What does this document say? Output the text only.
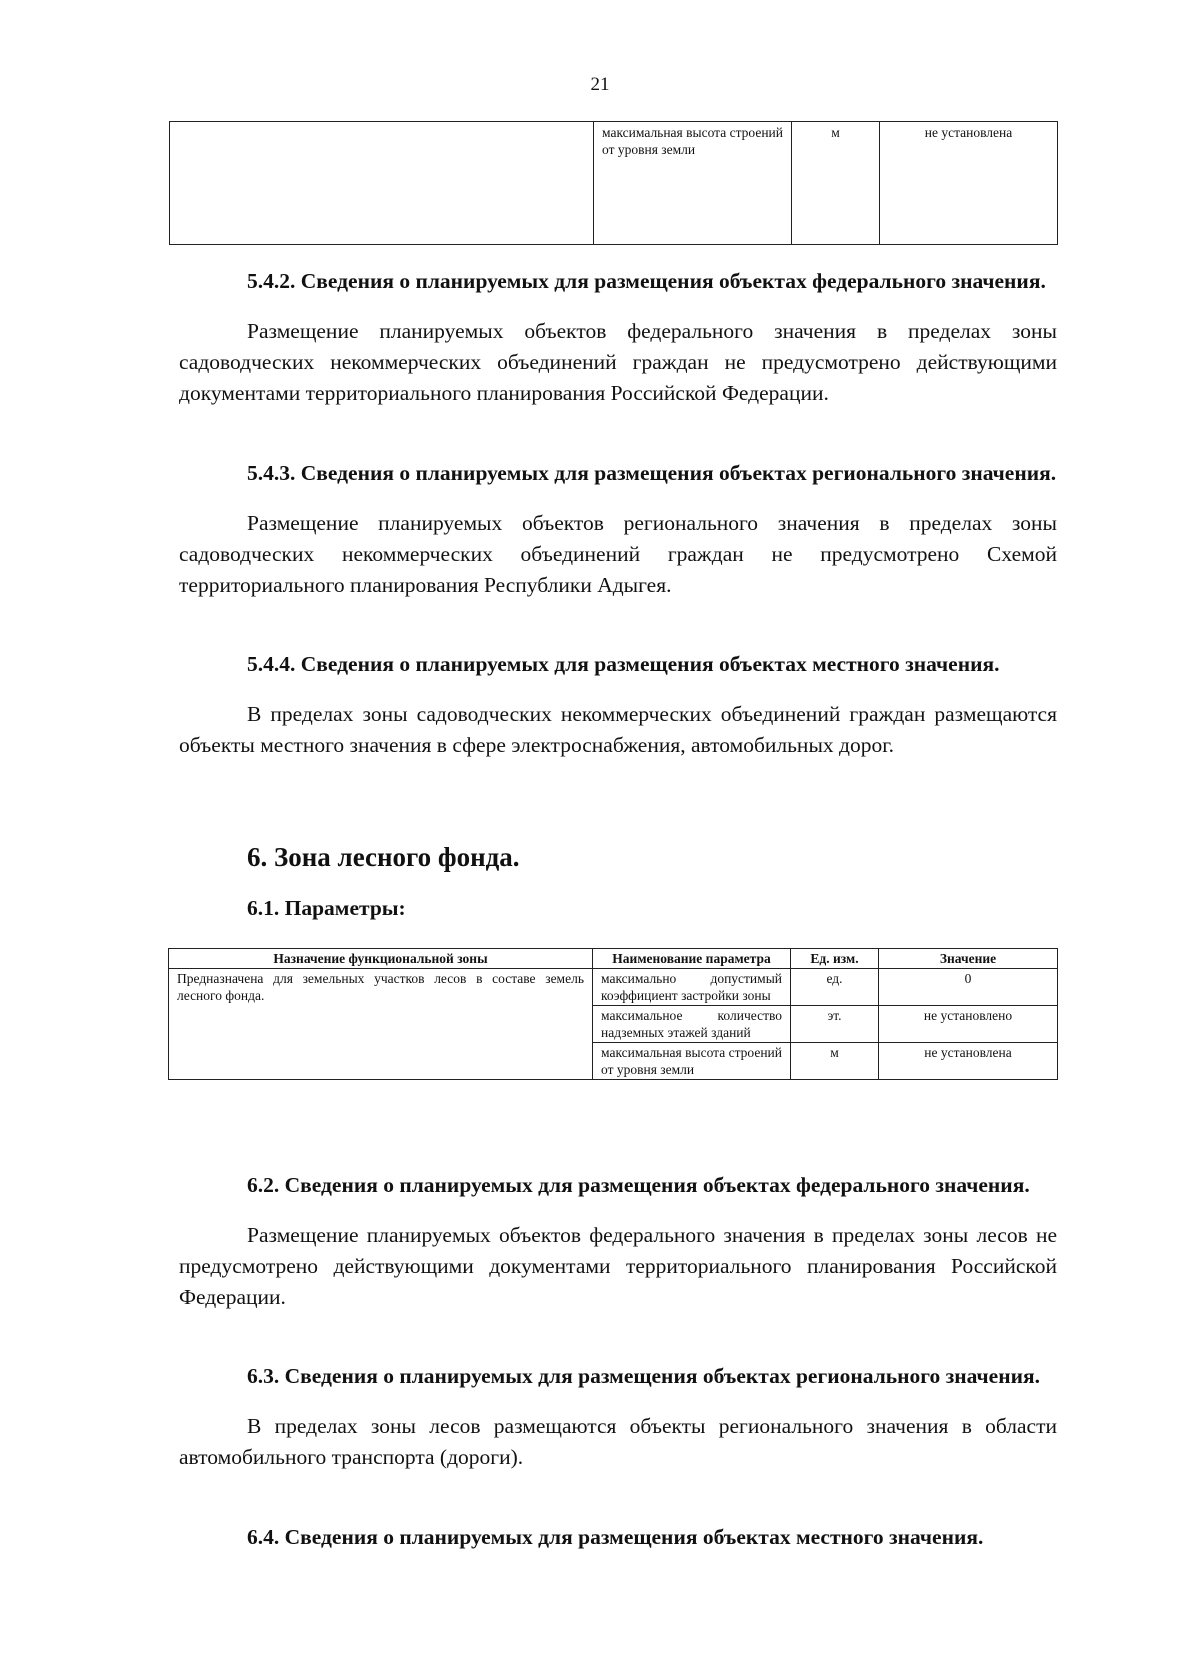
21
	максимальная высота строений от уровня земли	м	не установлена

5.4.2. Сведения о планируемых для размещения объектах федерального значения.

Размещение планируемых объектов федерального значения в пределах зоны садоводческих некоммерческих объединений граждан не предусмотрено действующими документами территориального планирования Российской Федерации.

5.4.3. Сведения о планируемых для размещения объектах регионального значения.

Размещение планируемых объектов регионального значения в пределах зоны садоводческих некоммерческих объединений граждан не предусмотрено Схемой территориального планирования Республики Адыгея.

5.4.4. Сведения о планируемых для размещения объектах местного значения.

В пределах зоны садоводческих некоммерческих объединений граждан размещаются объекты местного значения в сфере электроснабжения, автомобильных дорог.

6. Зона лесного фонда.

6.1. Параметры:

Назначение функциональной зоны	Наименование параметра	Ед. изм.	Значение
Предназначена для земельных участков лесов в составе земель лесного фонда.	максимально допустимый коэффициент застройки зоны	ед.	0
	максимальное количество надземных этажей зданий	эт.	не установлено
	максимальная высота строений от уровня земли	м	не установлена

6.2. Сведения о планируемых для размещения объектах федерального значения.

Размещение планируемых объектов федерального значения в пределах зоны лесов не предусмотрено действующими документами территориального планирования Российской Федерации.

6.3. Сведения о планируемых для размещения объектах регионального значения.

В пределах зоны лесов размещаются объекты регионального значения в области автомобильного транспорта (дороги).

6.4. Сведения о планируемых для размещения объектах местного значения.
